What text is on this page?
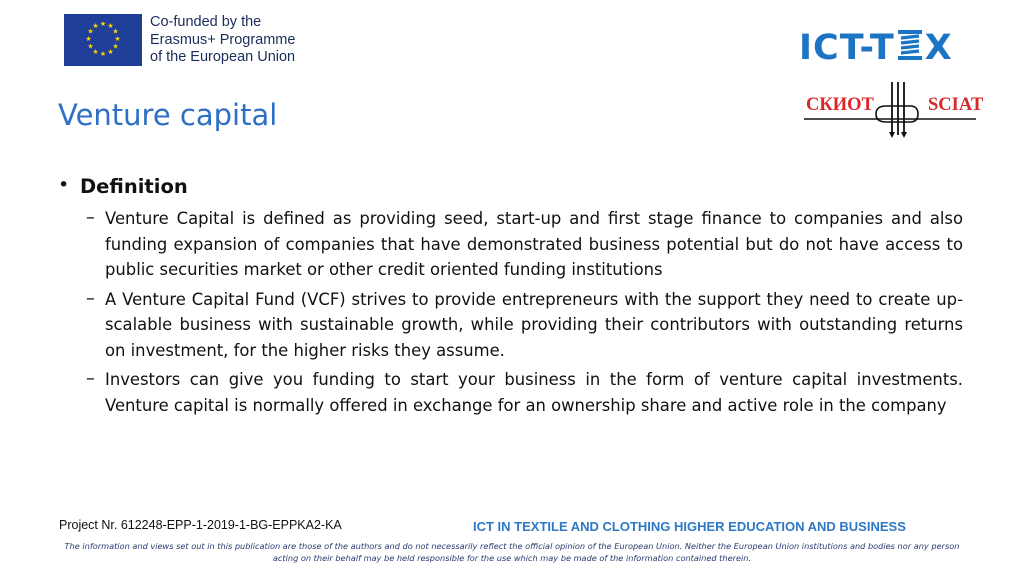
★ ★
★
★
★
★
★
★
★
★
★
★	Co-funded by the
Erasmus+ Programme
of the European Union	ICT-T X
СКИОТ	SCIAT
Venture capital
• Definition
– Venture Capital is defined as providing seed, start-up and first stage finance to companies and also funding expansion of companies that have demonstrated business potential but do not have access to public securities market or other credit oriented funding institutions
– A Venture Capital Fund (VCF) strives to provide entrepreneurs with the support they need to create up-scalable business with sustainable growth, while providing their contributors with outstanding returns on investment, for the higher risks they assume.
– Investors can give you funding to start your business in the form of venture capital investments. Venture capital is normally offered in exchange for an ownership share and active role in the company
Project Nr. 612248-EPP-1-2019-1-BG-EPPKA2-KA	ICT IN TEXTILE AND CLOTHING HIGHER EDUCATION AND BUSINESS
The information and views set out in this publication are those of the authors and do not necessarily reflect the official opinion of the European Union. Neither the European Union institutions and bodies nor any person acting on their behalf may be held responsible for the use which may be made of the information contained therein.
